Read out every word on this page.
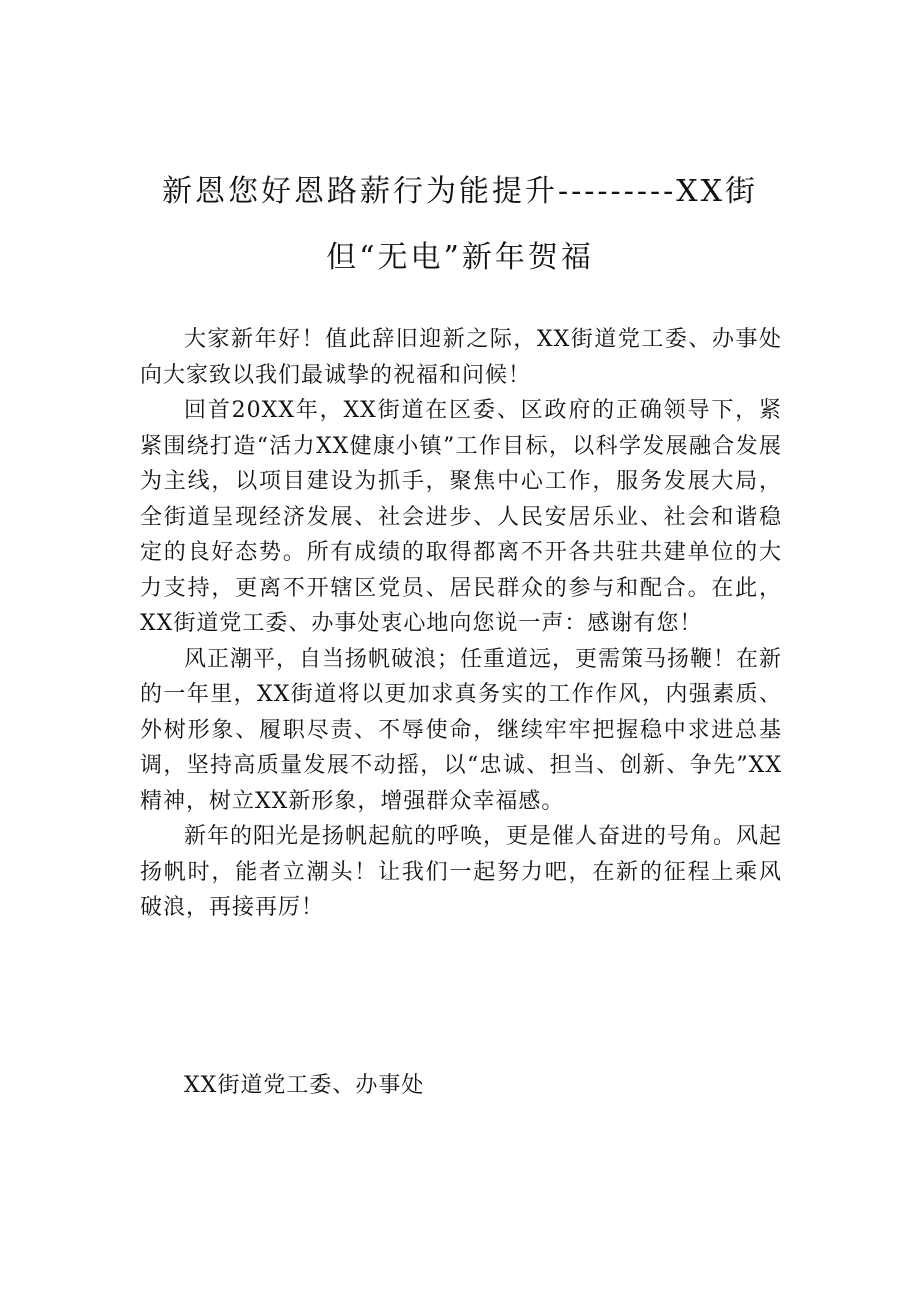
新恩您好恩路薪行为能提升---------XX街
但“无电”新年贺福

大家新年好！值此辞旧迎新之际，XX街道党工委、办事处向大家致以我们最诚挚的祝福和问候！

回首20XX年，XX街道在区委、区政府的正确领导下，紧紧围绕打造“活力XX健康小镇”工作目标，以科学发展融合发展为主线，以项目建设为抓手，聚焦中心工作，服务发展大局，全街道呈现经济发展、社会进步、人民安居乐业、社会和谐稳定的良好态势。所有成绩的取得都离不开各共驻共建单位的大力支持，更离不开辖区党员、居民群众的参与和配合。在此，XX街道党工委、办事处衷心地向您说一声：感谢有您！

风正潮平，自当扬帆破浪；任重道远，更需策马扬鞭！在新的一年里，XX街道将以更加求真务实的工作作风，内强素质、外树形象、履职尽责、不辱使命，继续牢牢把握稳中求进总基调，坚持高质量发展不动摇，以“忠诚、担当、创新、争先”XX精神，树立XX新形象，增强群众幸福感。

新年的阳光是扬帆起航的呼唤，更是催人奋进的号角。风起扬帆时，能者立潮头！让我们一起努力吧，在新的征程上乘风破浪，再接再厉！

XX街道党工委、办事处
